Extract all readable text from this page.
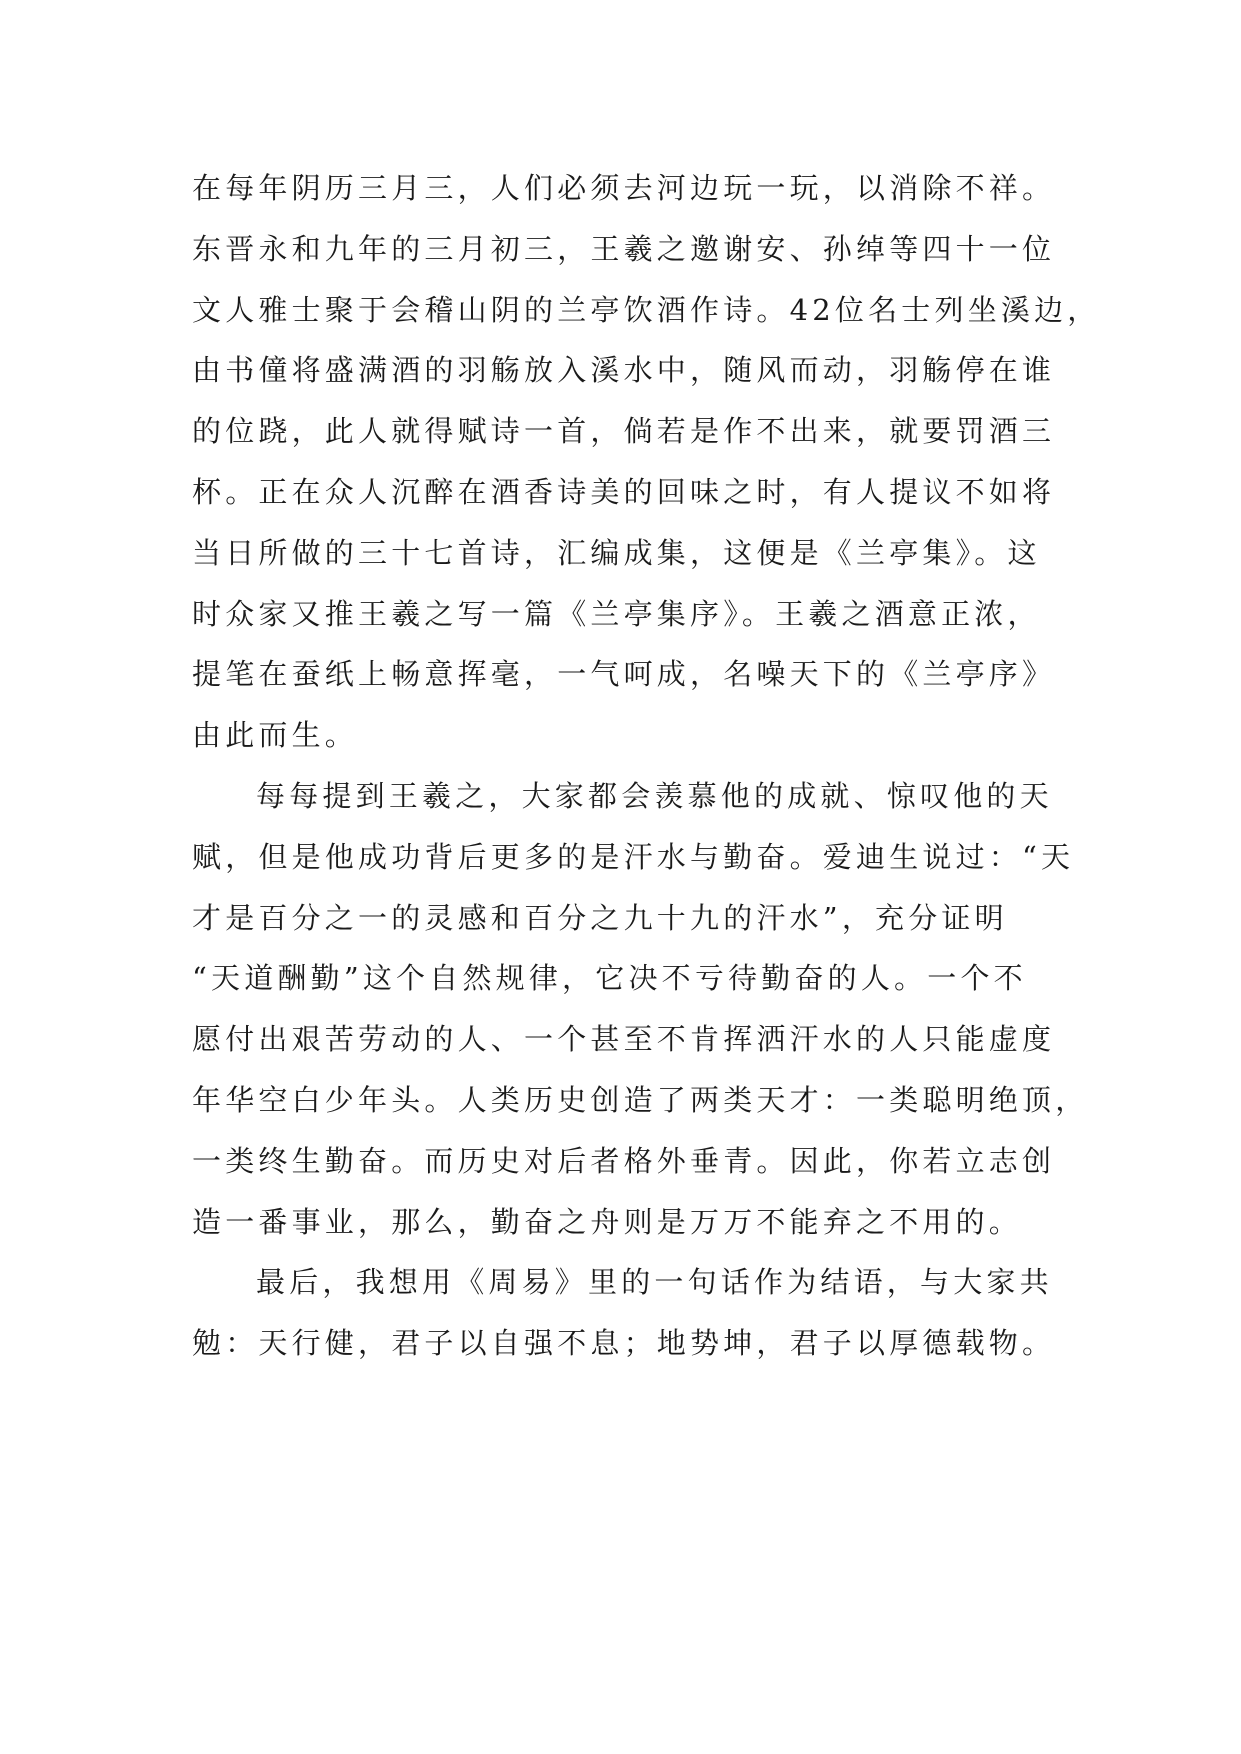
在每年阴历三月三，人们必须去河边玩一玩，以消除不祥。
东晋永和九年的三月初三，王羲之邀谢安、孙绰等四十一位
文人雅士聚于会稽山阴的兰亭饮酒作诗。42位名士列坐溪边，
由书僮将盛满酒的羽觞放入溪水中，随风而动，羽觞停在谁
的位跷，此人就得赋诗一首，倘若是作不出来，就要罚酒三
杯。正在众人沉醉在酒香诗美的回味之时，有人提议不如将
当日所做的三十七首诗，汇编成集，这便是《兰亭集》。这
时众家又推王羲之写一篇《兰亭集序》。王羲之酒意正浓，
提笔在蚕纸上畅意挥毫，一气呵成，名噪天下的《兰亭序》
由此而生。
每每提到王羲之，大家都会羡慕他的成就、惊叹他的天
赋，但是他成功背后更多的是汗水与勤奋。爱迪生说过：“天
才是百分之一的灵感和百分之九十九的汗水”，充分证明
“天道酬勤”这个自然规律，它决不亏待勤奋的人。一个不
愿付出艰苦劳动的人、一个甚至不肯挥洒汗水的人只能虚度
年华空白少年头。人类历史创造了两类天才：一类聪明绝顶，
一类终生勤奋。而历史对后者格外垂青。因此，你若立志创
造一番事业，那么，勤奋之舟则是万万不能弃之不用的。
最后，我想用《周易》里的一句话作为结语，与大家共
勉：天行健，君子以自强不息；地势坤，君子以厚德载物。
